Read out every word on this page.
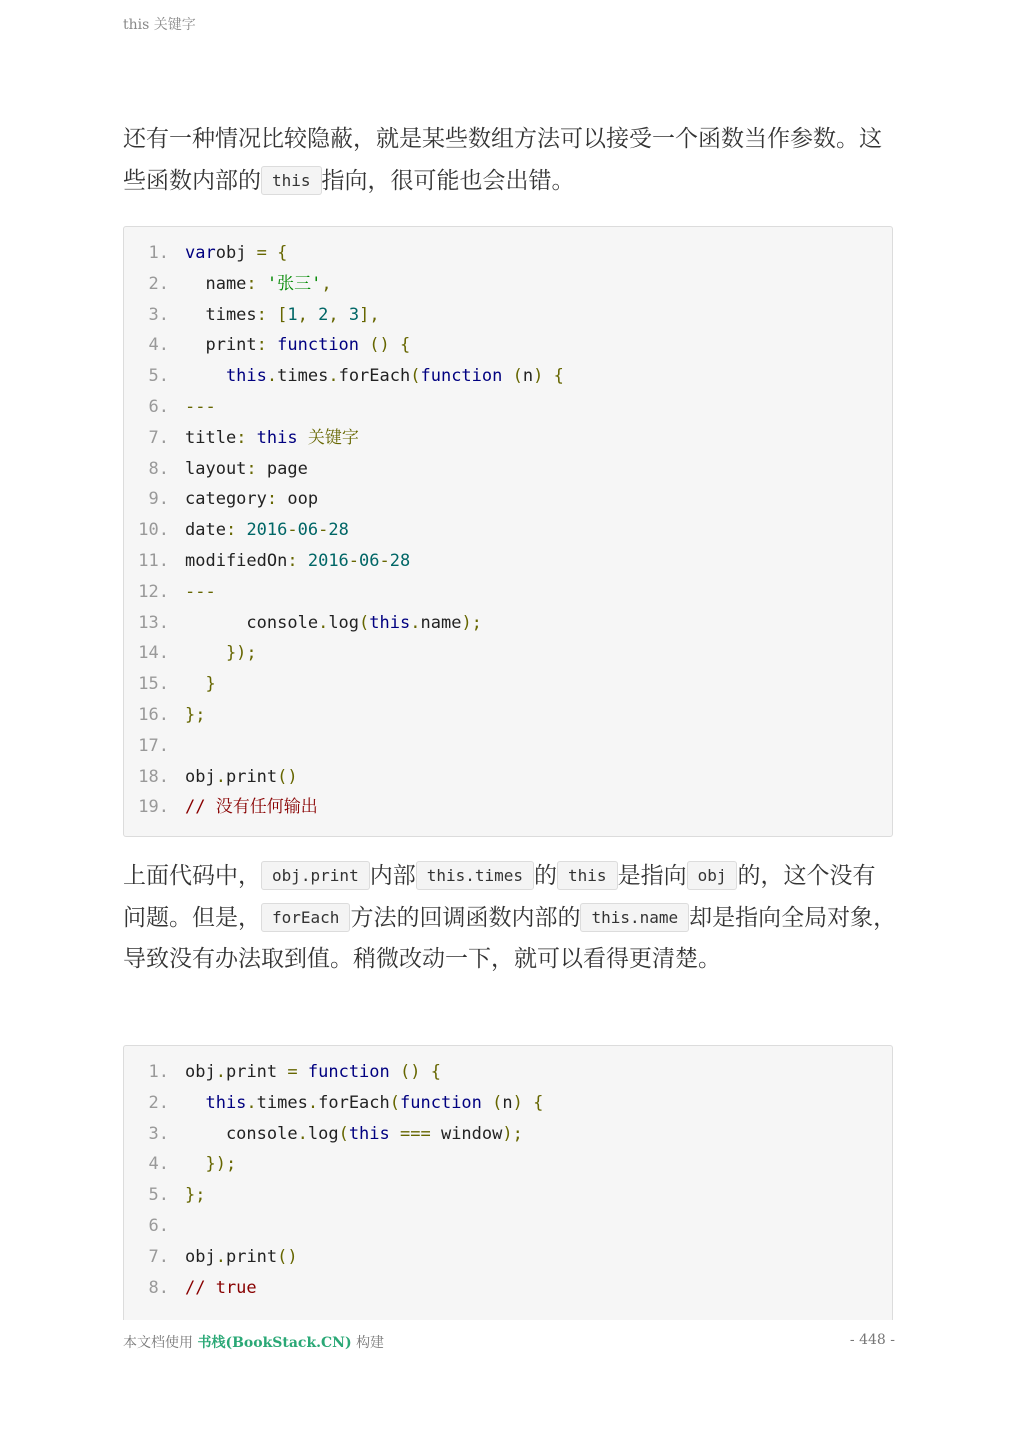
this 关键字

还有一种情况比较隐蔽，就是某些数组方法可以接受一个函数当作参数。这些函数内部的 this 指向，很可能也会出错。

1. varobj = {
2. name: '张三',
3. times: [1, 2, 3],
4. print: function () {
5. this.times.forEach(function (n) {
6. ---
7. title: this 关键字
8. layout: page
9. category: oop
10. date: 2016-06-28
11. modifiedOn: 2016-06-28
12. ---
13. console.log(this.name);
14. });
15. }
16. };
17.
18. obj.print()
19. // 没有任何输出

上面代码中， obj.print 内部 this.times 的 this 是指向 obj 的，这个没有问题。但是， forEach 方法的回调函数内部的 this.name 却是指向全局对象，导致没有办法取到值。稍微改动一下，就可以看得更清楚。

1. obj.print = function () {
2. this.times.forEach(function (n) {
3. console.log(this === window);
4. });
5. };
6.
7. obj.print()
8. // true
本文档使用 书栈(BookStack.CN) 构建	- 448 -
